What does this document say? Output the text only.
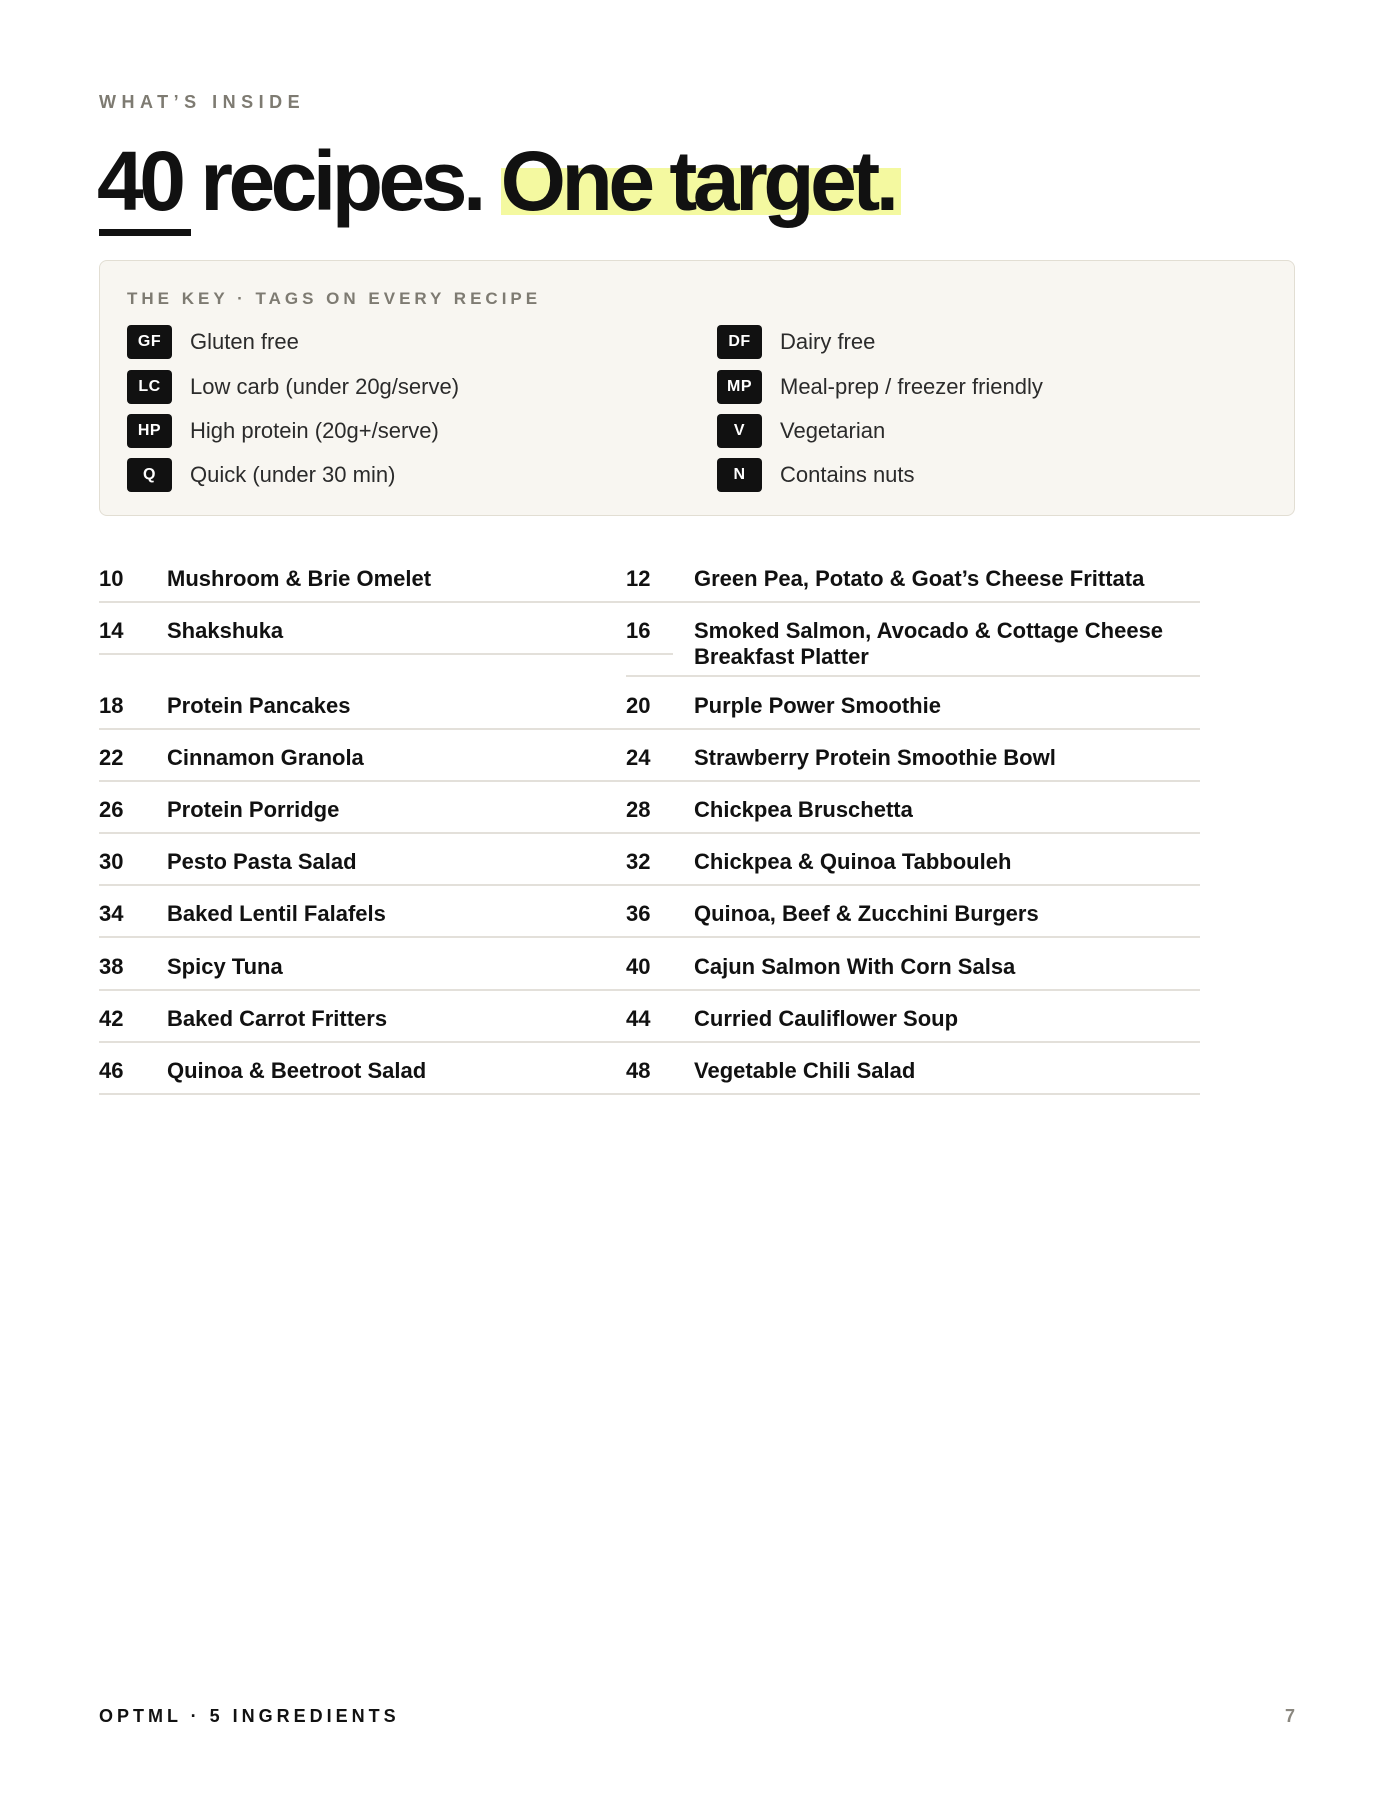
WHAT’S INSIDE

40 recipes. One target.

THE KEY · TAGS ON EVERY RECIPE

GF	Gluten free
LC	Low carb (under 20g/serve)
HP	High protein (20g+/serve)
Q	Quick (under 30 min)
DF	Dairy free
MP	Meal-prep / freezer friendly
V	Vegetarian
N	Contains nuts
10 Mushroom & Brie Omelet	12 Green Pea, Potato & Goat’s Cheese Frittata
14 Shakshuka	16 Smoked Salmon, Avocado & Cottage Cheese Breakfast Platter
18 Protein Pancakes	20 Purple Power Smoothie
22 Cinnamon Granola	24 Strawberry Protein Smoothie Bowl
26 Protein Porridge	28 Chickpea Bruschetta
30 Pesto Pasta Salad	32 Chickpea & Quinoa Tabbouleh
34 Baked Lentil Falafels	36 Quinoa, Beef & Zucchini Burgers
38 Spicy Tuna	40 Cajun Salmon With Corn Salsa
42 Baked Carrot Fritters	44 Curried Cauliflower Soup
46 Quinoa & Beetroot Salad	48 Vegetable Chili Salad

OPTML · 5 INGREDIENTS	7
